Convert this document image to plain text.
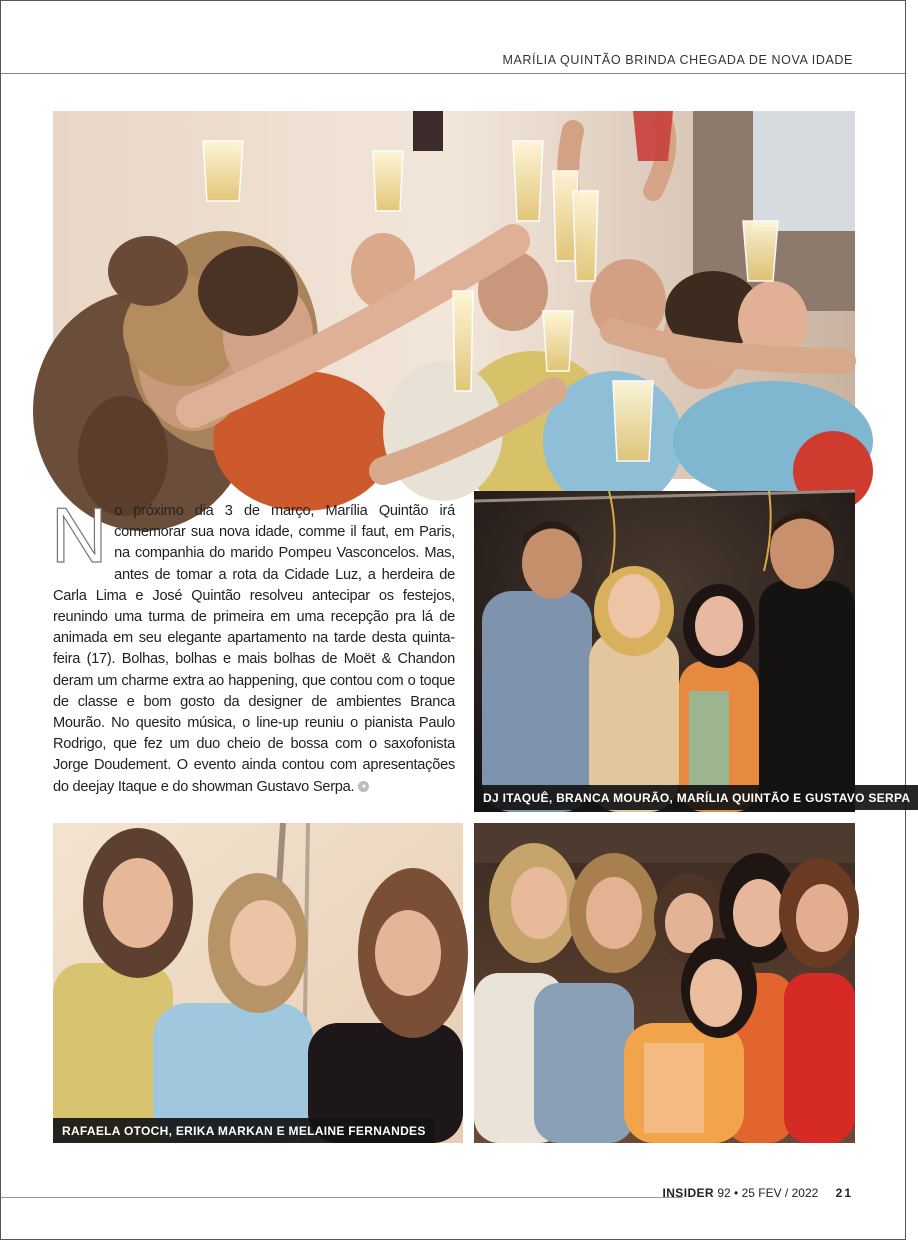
MARÍLIA QUINTÃO BRINDA CHEGADA DE NOVA IDADE
No próximo dia 3 de março, Marília Quintão irá comemorar sua nova idade, comme il faut, em Paris, na companhia do marido Pompeu Vasconcelos. Mas, antes de tomar a rota da Cidade Luz, a herdeira de Carla Lima e José Quintão resolveu antecipar os festejos, reunindo uma turma de primeira em uma recepção pra lá de animada em seu elegante apartamento na tarde desta quinta-feira (17). Bolhas, bolhas e mais bolhas de Moët & Chandon deram um charme extra ao happening, que contou com o toque de classe e bom gosto da designer de ambientes Branca Mourão. No quesito música, o line-up reuniu o pianista Paulo Rodrigo, que fez um duo cheio de bossa com o saxofonista Jorge Doudement. O evento ainda contou com apresentações do deejay Itaque e do showman Gustavo Serpa. ✦
DJ ITAQUÊ, BRANCA MOURÃO, MARÍLIA QUINTÃO E GUSTAVO SERPA
RAFAELA OTOCH, ERIKA MARKAN E MELAINE FERNANDES
INSIDER 92 • 25 FEV / 2022 21
